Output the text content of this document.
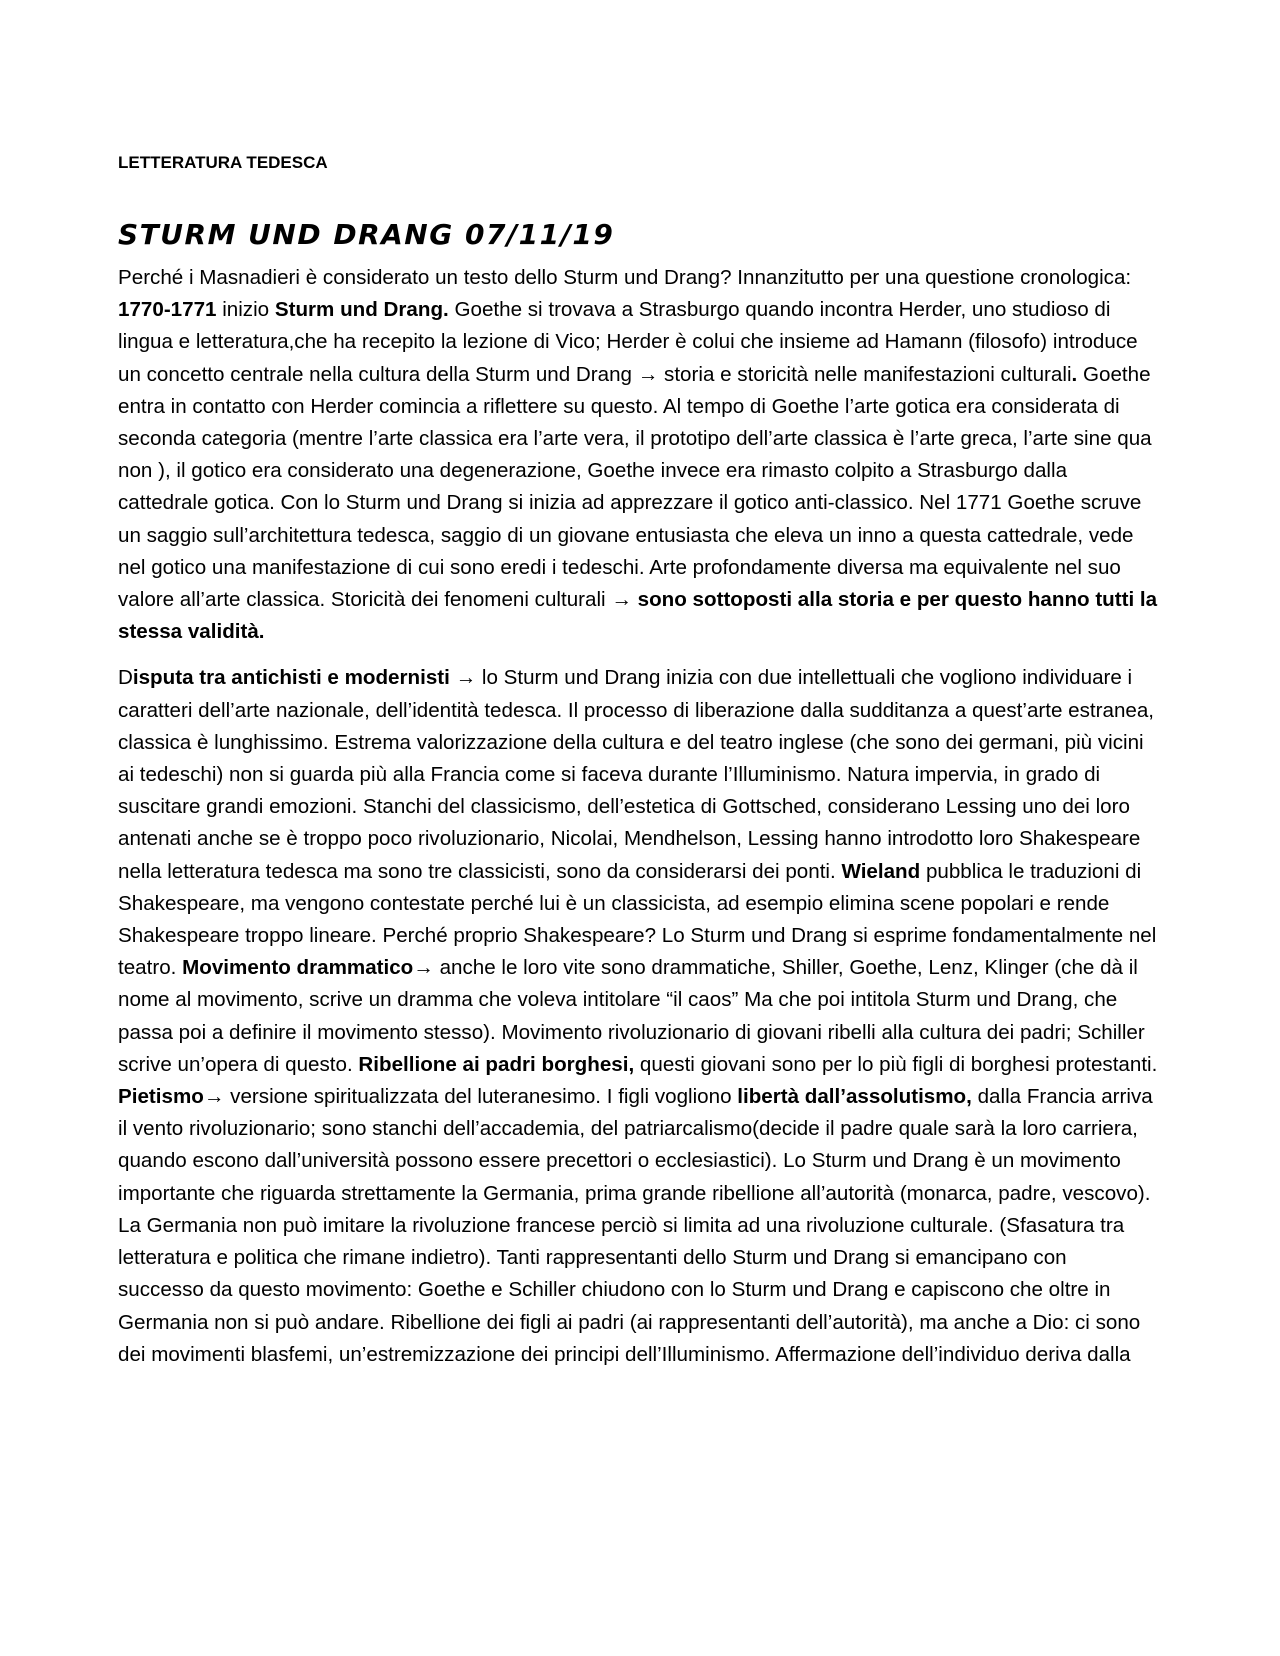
LETTERATURA TEDESCA

STURM UND DRANG 07/11/19

Perché i Masnadieri è considerato un testo dello Sturm und Drang? Innanzitutto per una questione cronologica: 1770-1771 inizio Sturm und Drang. Goethe si trovava a Strasburgo quando incontra Herder, uno studioso di lingua e letteratura,che ha recepito la lezione di Vico; Herder è colui che insieme ad Hamann (filosofo) introduce un concetto centrale nella cultura della Sturm und Drang → storia e storicità nelle manifestazioni culturali. Goethe entra in contatto con Herder comincia a riflettere su questo. Al tempo di Goethe l’arte gotica era considerata di seconda categoria (mentre l’arte classica era l’arte vera, il prototipo dell’arte classica è l’arte greca, l’arte sine qua non ), il gotico era considerato una degenerazione, Goethe invece era rimasto colpito a Strasburgo dalla cattedrale gotica. Con lo Sturm und Drang si inizia ad apprezzare il gotico anti-classico. Nel 1771 Goethe scruve un saggio sull’architettura tedesca, saggio di un giovane entusiasta che eleva un inno a questa cattedrale, vede nel gotico una manifestazione di cui sono eredi i tedeschi. Arte profondamente diversa ma equivalente nel suo valore all’arte classica. Storicità dei fenomeni culturali → sono sottoposti alla storia e per questo hanno tutti la stessa validità.

Disputa tra antichisti e modernisti → lo Sturm und Drang inizia con due intellettuali che vogliono individuare i caratteri dell’arte nazionale, dell’identità tedesca. Il processo di liberazione dalla sudditanza a quest’arte estranea, classica è lunghissimo. Estrema valorizzazione della cultura e del teatro inglese (che sono dei germani, più vicini ai tedeschi) non si guarda più alla Francia come si faceva durante l’Illuminismo. Natura impervia, in grado di suscitare grandi emozioni. Stanchi del classicismo, dell’estetica di Gottsched, considerano Lessing uno dei loro antenati anche se è troppo poco rivoluzionario, Nicolai, Mendhelson, Lessing hanno introdotto loro Shakespeare nella letteratura tedesca ma sono tre classicisti, sono da considerarsi dei ponti. Wieland pubblica le traduzioni di Shakespeare, ma vengono contestate perché lui è un classicista, ad esempio elimina scene popolari e rende Shakespeare troppo lineare. Perché proprio Shakespeare? Lo Sturm und Drang si esprime fondamentalmente nel teatro. Movimento drammatico→ anche le loro vite sono drammatiche, Shiller, Goethe, Lenz, Klinger (che dà il nome al movimento, scrive un dramma che voleva intitolare “il caos” Ma che poi intitola Sturm und Drang, che passa poi a definire il movimento stesso). Movimento rivoluzionario di giovani ribelli alla cultura dei padri; Schiller scrive un’opera di questo. Ribellione ai padri borghesi, questi giovani sono per lo più figli di borghesi protestanti. Pietismo→ versione spiritualizzata del luteranesimo. I figli vogliono libertà dall’assolutismo, dalla Francia arriva il vento rivoluzionario; sono stanchi dell’accademia, del patriarcalismo(decide il padre quale sarà la loro carriera, quando escono dall’università possono essere precettori o ecclesiastici). Lo Sturm und Drang è un movimento importante che riguarda strettamente la Germania, prima grande ribellione all’autorità (monarca, padre, vescovo). La Germania non può imitare la rivoluzione francese perciò si limita ad una rivoluzione culturale. (Sfasatura tra letteratura e politica che rimane indietro). Tanti rappresentanti dello Sturm und Drang si emancipano con successo da questo movimento: Goethe e Schiller chiudono con lo Sturm und Drang e capiscono che oltre in Germania non si può andare. Ribellione dei figli ai padri (ai rappresentanti dell’autorità), ma anche a Dio: ci sono dei movimenti blasfemi, un’estremizzazione dei principi dell’Illuminismo. Affermazione dell’individuo deriva dalla
